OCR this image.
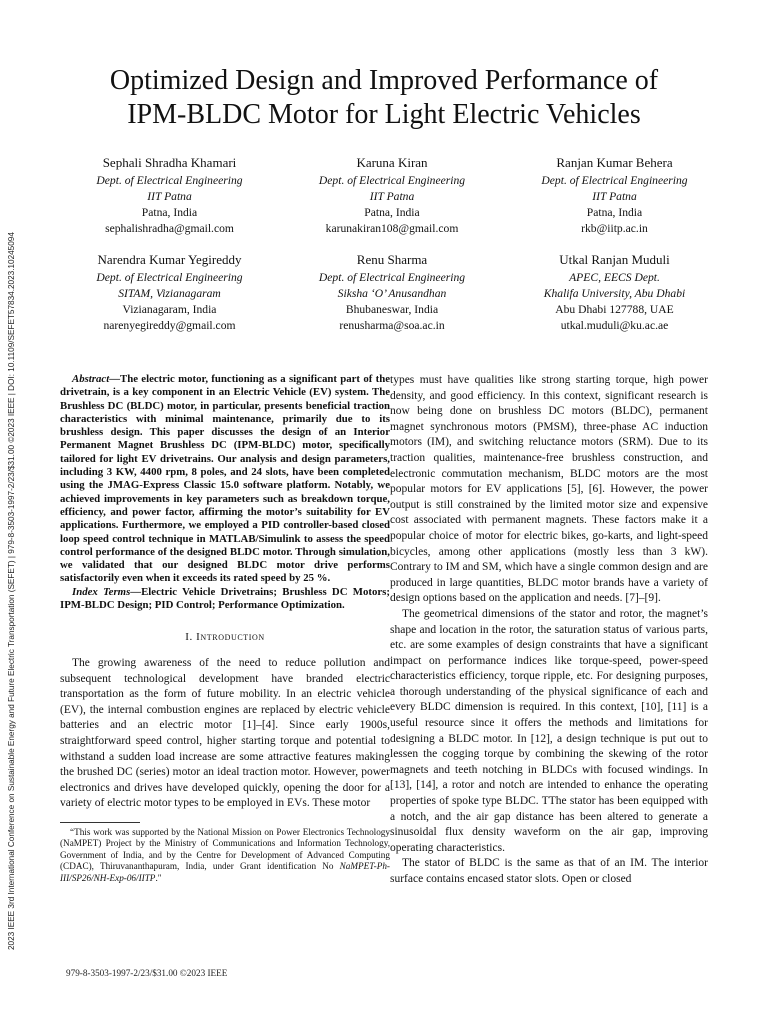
2023 IEEE 3rd International Conference on Sustainable Energy and Future Electric Transportation (SEFET) | 979-8-3503-1997-2/23/$31.00 ©2023 IEEE | DOI: 10.1109/SEFET57834.2023.10245094
Optimized Design and Improved Performance of
IPM-BLDC Motor for Light Electric Vehicles
Sephali Shradha Khamari
Dept. of Electrical Engineering
IIT Patna
Patna, India
sephalishradha@gmail.com
Karuna Kiran
Dept. of Electrical Engineering
IIT Patna
Patna, India
karunakiran108@gmail.com
Ranjan Kumar Behera
Dept. of Electrical Engineering
IIT Patna
Patna, India
rkb@iitp.ac.in
Narendra Kumar Yegireddy
Dept. of Electrical Engineering
SITAM, Vizianagaram
Vizianagaram, India
narenyegireddy@gmail.com
Renu Sharma
Dept. of Electrical Engineering
Siksha ‘O’ Anusandhan
Bhubaneswar, India
renusharma@soa.ac.in
Utkal Ranjan Muduli
APEC, EECS Dept.
Khalifa University, Abu Dhabi
Abu Dhabi 127788, UAE
utkal.muduli@ku.ac.ae

Abstract—The electric motor, functioning as a significant part of the drivetrain, is a key component in an Electric Vehicle (EV) system. The Brushless DC (BLDC) motor, in particular, presents beneficial traction characteristics with minimal maintenance, primarily due to its brushless design. This paper discusses the design of an Interior Permanent Magnet Brushless DC (IPM-BLDC) motor, specifically tailored for light EV drivetrains. Our analysis and design parameters, including 3 KW, 4400 rpm, 8 poles, and 24 slots, have been completed using the JMAG-Express Classic 15.0 software platform. Notably, we achieved improvements in key parameters such as breakdown torque, efficiency, and power factor, affirming the motor’s suitability for EV applications. Furthermore, we employed a PID controller-based closed loop speed control technique in MATLAB/Simulink to assess the speed control performance of the designed BLDC motor. Through simulation, we validated that our designed BLDC motor drive performs satisfactorily even when it exceeds its rated speed by 25 %.

Index Terms—Electric Vehicle Drivetrains; Brushless DC Motors; IPM-BLDC Design; PID Control; Performance Optimization.

I. Introduction

The growing awareness of the need to reduce pollution and subsequent technological development have branded electric transportation as the form of future mobility. In an electric vehicle (EV), the internal combustion engines are replaced by electric vehicle batteries and an electric motor [1]–[4]. Since early 1900s, straightforward speed control, higher starting torque and potential to withstand a sudden load increase are some attractive features making the brushed DC (series) motor an ideal traction motor. However, power electronics and drives have developed quickly, opening the door for a variety of electric motor types to be employed in EVs. These motor

“This work was supported by the National Mission on Power Electronics Technology (NaMPET) Project by the Ministry of Communications and Information Technology, Government of India, and by the Centre for Development of Advanced Computing (CDAC), Thiruvananthapuram, India, under Grant identification No NaMPET-Ph-III/SP26/NH-Exp-06/IITP."

types must have qualities like strong starting torque, high power density, and good efficiency. In this context, significant research is now being done on brushless DC motors (BLDC), permanent magnet synchronous motors (PMSM), three-phase AC induction motors (IM), and switching reluctance motors (SRM). Due to its traction qualities, maintenance-free brushless construction, and electronic commutation mechanism, BLDC motors are the most popular motors for EV applications [5], [6]. However, the power output is still constrained by the limited motor size and expensive cost associated with permanent magnets. These factors make it a popular choice of motor for electric bikes, go-karts, and light-speed bicycles, among other applications (mostly less than 3 kW). Contrary to IM and SM, which have a single common design and are produced in large quantities, BLDC motor brands have a variety of design options based on the application and needs. [7]–[9].

The geometrical dimensions of the stator and rotor, the magnet’s shape and location in the rotor, the saturation status of various parts, etc. are some examples of design constraints that have a significant impact on performance indices like torque-speed, power-speed characteristics efficiency, torque ripple, etc. For designing purposes, a thorough understanding of the physical significance of each and every BLDC dimension is required. In this context, [10], [11] is a useful resource since it offers the methods and limitations for designing a BLDC motor. In [12], a design technique is put out to lessen the cogging torque by combining the skewing of the rotor magnets and teeth notching in BLDCs with focused windings. In [13], [14], a rotor and notch are intended to enhance the operating properties of spoke type BLDC. TThe stator has been equipped with a notch, and the air gap distance has been altered to generate a sinusoidal flux density waveform on the air gap, improving operating characteristics.

The stator of BLDC is the same as that of an IM. The interior surface contains encased stator slots. Open or closed

979-8-3503-1997-2/23/$31.00 ©2023 IEEE
